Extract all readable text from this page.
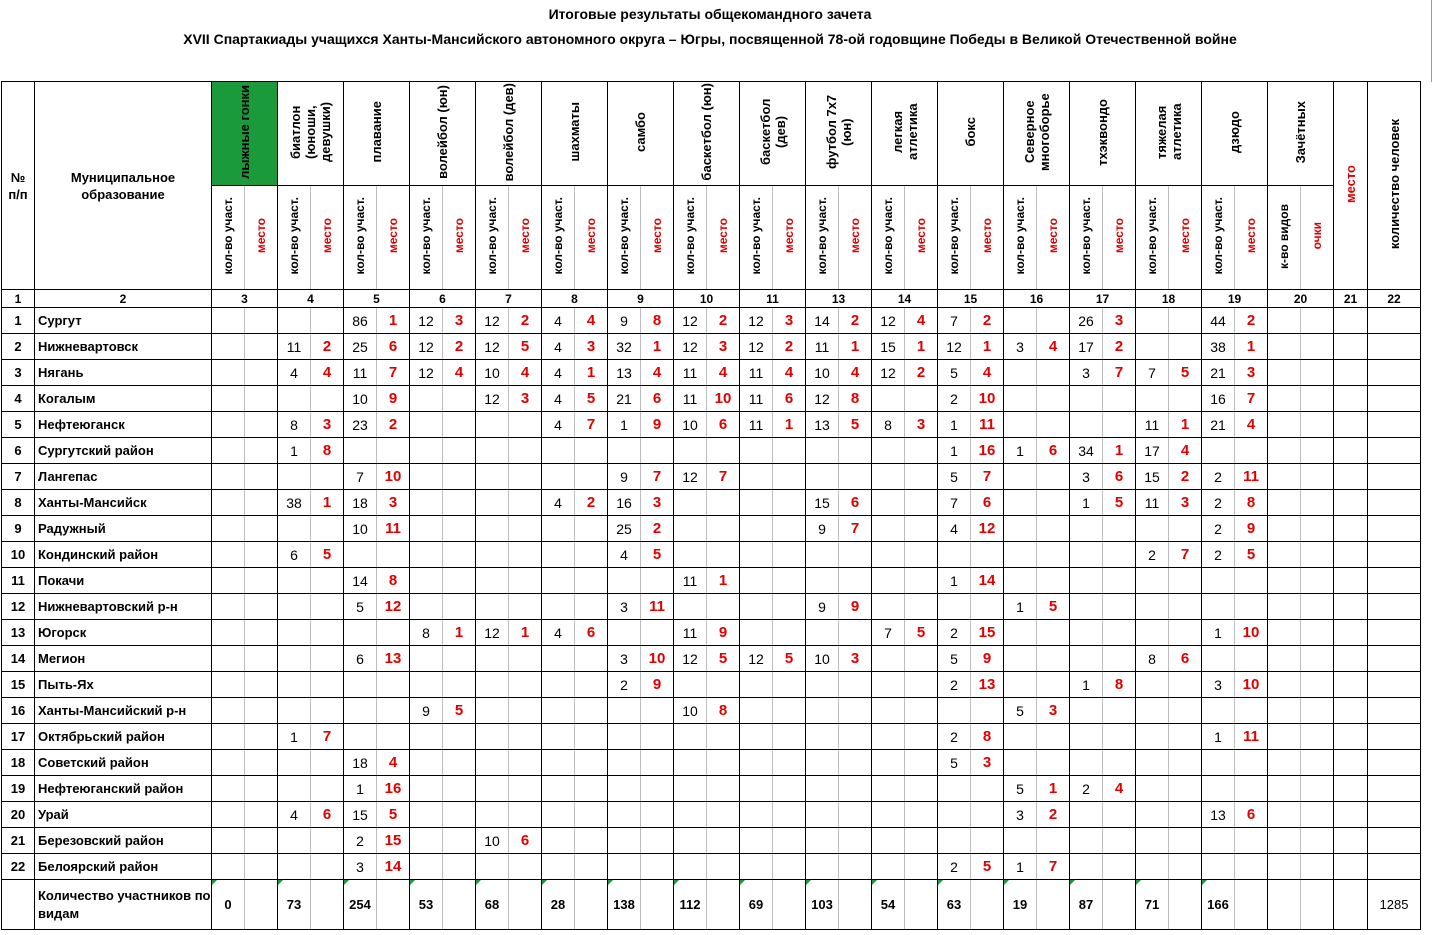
Итоговые результаты общекомандного зачета
XVII Спартакиады учащихся Ханты-Мансийского автономного округа – Югры, посвященной 78-ой годовщине Победы в Великой Отечественной войне
№ п/п	Муниципальное образование	лыжные гонки		биатлон (юноши, девушки)		плавание		волейбол (юн)		волейбол (дев)		шахматы		самбо		баскетбол (юн)		баскетбол (дев)		футбол 7х7 (юн)		легкая атлетика		бокс		Северное многоборье		тхэквондо		тяжелая атлетика		дзюдо		Зачётных		место	количество человек
		кол-во участ.	место	кол-во участ.	место	кол-во участ.	место	кол-во участ.	место	кол-во участ.	место	кол-во участ.	место	кол-во участ.	место	кол-во участ.	место	кол-во участ.	место	кол-во участ.	место	кол-во участ.	место	кол-во участ.	место	кол-во участ.	место	кол-во участ.	место	кол-во участ.	место	кол-во участ.	место	к-во видов	очки		
1	2	3		4		5		6		7		8		9		10		11		13		14		15		16		17		18		19		20		21	22
1	Сургут					86	1	12	3	12	2	4	4	9	8	12	2	12	3	14	2	12	4	7	2			26	3			44	2				
2	Нижневартовск			11	2	25	6	12	2	12	5	4	3	32	1	12	3	12	2	11	1	15	1	12	1	3	4	17	2			38	1				
3	Нягань			4	4	11	7	12	4	10	4	4	1	13	4	11	4	11	4	10	4	12	2	5	4			3	7	7	5	21	3				
4	Когалым					10	9			12	3	4	5	21	6	11	10	11	6	12	8			2	10							16	7				
5	Нефтеюганск			8	3	23	2					4	7	1	9	10	6	11	1	13	5	8	3	1	11					11	1	21	4				
6	Сургутский район			1	8																			1	16	1	6	34	1	17	4						
7	Лангепас					7	10							9	7	12	7							5	7			3	6	15	2	2	11				
8	Ханты-Мансийск			38	1	18	3					4	2	16	3					15	6			7	6			1	5	11	3	2	8				
9	Радужный					10	11							25	2					9	7			4	12							2	9				
10	Кондинский район			6	5									4	5															2	7	2	5				
11	Покачи					14	8									11	1							1	14												
12	Нижневартовский р-н					5	12							3	11					9	9					1	5										
13	Югорск							8	1	12	1	4	6			11	9					7	5	2	15							1	10				
14	Мегион					6	13							3	10	12	5	12	5	10	3			5	9					8	6						
15	Пыть-Ях													2	9									2	13			1	8			3	10				
16	Ханты-Мансийский р-н							9	5							10	8									5	3										
17	Октябрьский район			1	7																			2	8							1	11				
18	Советский район					18	4																	5	3												
19	Нефтеюганский район					1	16																			5	1	2	4								
20	Урай			4	6	15	5																			3	2					13	6				
21	Березовский район					2	15			10	6																										
22	Белоярский район					3	14																	2	5	1	7										
	Количество участников по видам	0		73		254		53		68		28		138		112		69		103		54		63		19		87		71		166					1285
